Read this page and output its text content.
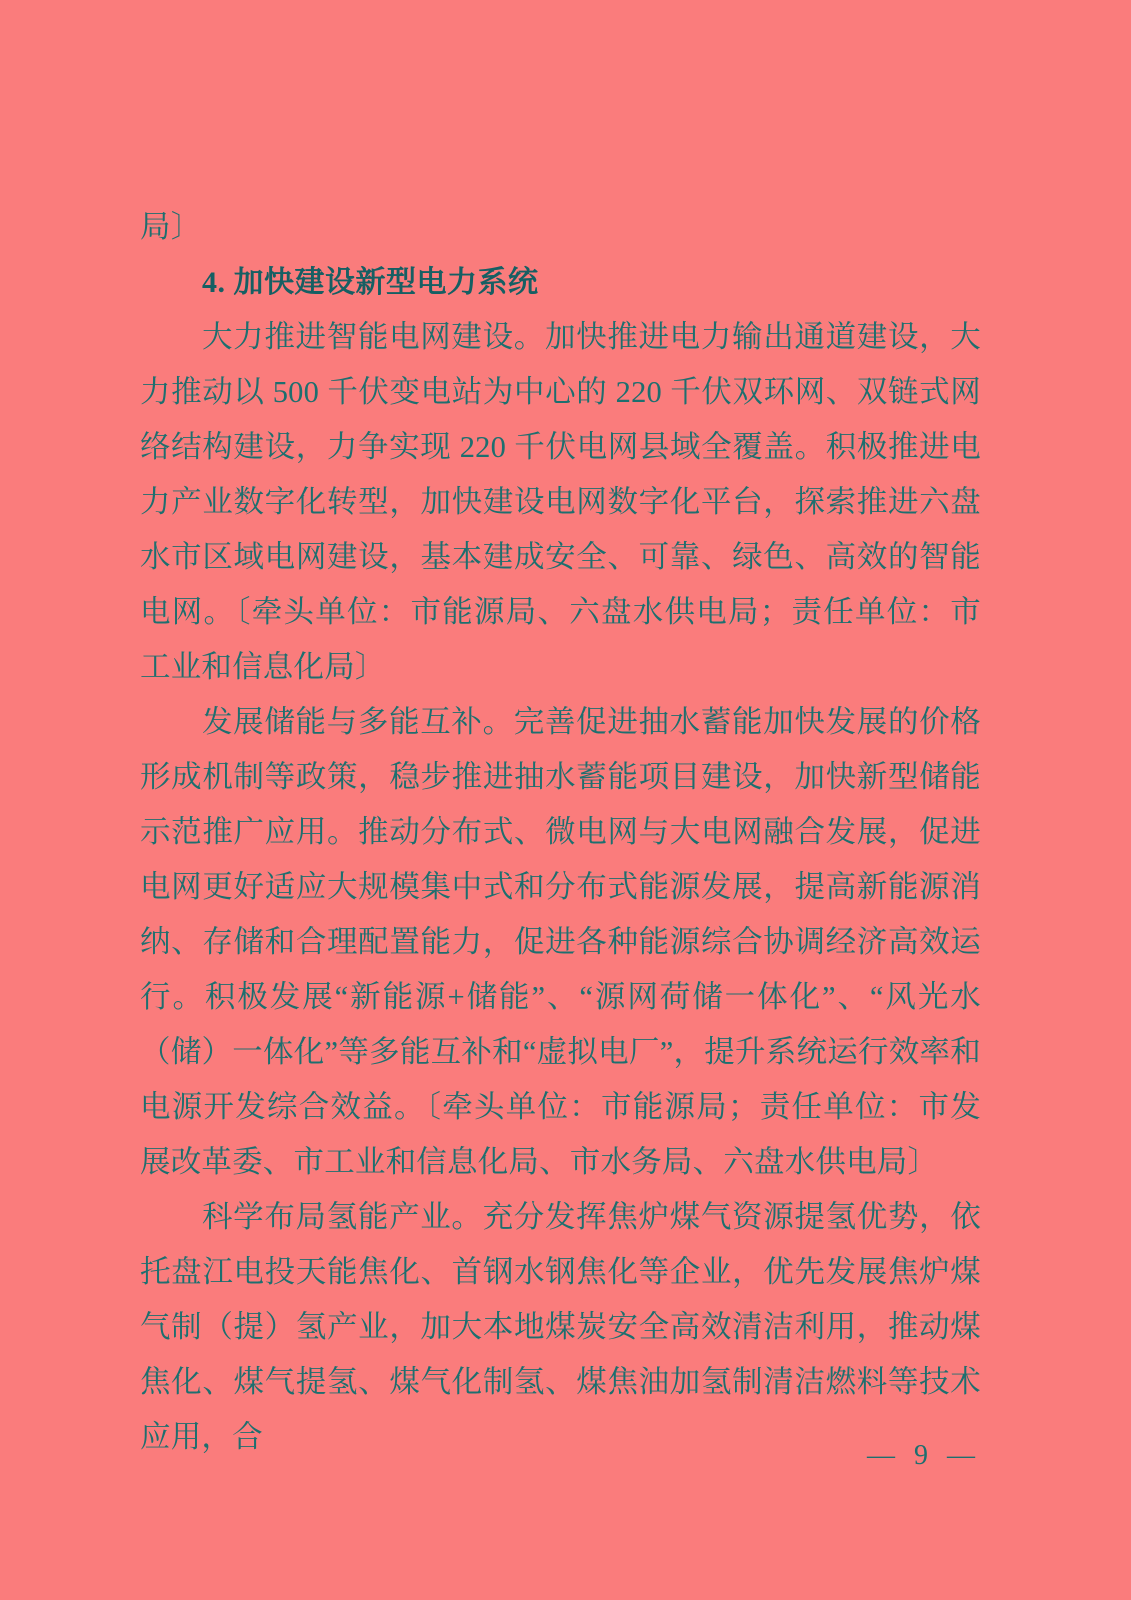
局〕

4. 加快建设新型电力系统

大力推进智能电网建设。加快推进电力输出通道建设，大力推动以 500 千伏变电站为中心的 220 千伏双环网、双链式网络结构建设，力争实现 220 千伏电网县域全覆盖。积极推进电力产业数字化转型，加快建设电网数字化平台，探索推进六盘水市区域电网建设，基本建成安全、可靠、绿色、高效的智能电网。〔牵头单位：市能源局、六盘水供电局；责任单位：市工业和信息化局〕

发展储能与多能互补。完善促进抽水蓄能加快发展的价格形成机制等政策，稳步推进抽水蓄能项目建设，加快新型储能示范推广应用。推动分布式、微电网与大电网融合发展，促进电网更好适应大规模集中式和分布式能源发展，提高新能源消纳、存储和合理配置能力，促进各种能源综合协调经济高效运行。积极发展“新能源+储能”、“源网荷储一体化”、“风光水（储）一体化”等多能互补和“虚拟电厂”，提升系统运行效率和电源开发综合效益。〔牵头单位：市能源局；责任单位：市发展改革委、市工业和信息化局、市水务局、六盘水供电局〕

科学布局氢能产业。充分发挥焦炉煤气资源提氢优势，依托盘江电投天能焦化、首钢水钢焦化等企业，优先发展焦炉煤气制（提）氢产业，加大本地煤炭安全高效清洁利用，推动煤焦化、煤气提氢、煤气化制氢、煤焦油加氢制清洁燃料等技术应用，合

— 9 —
